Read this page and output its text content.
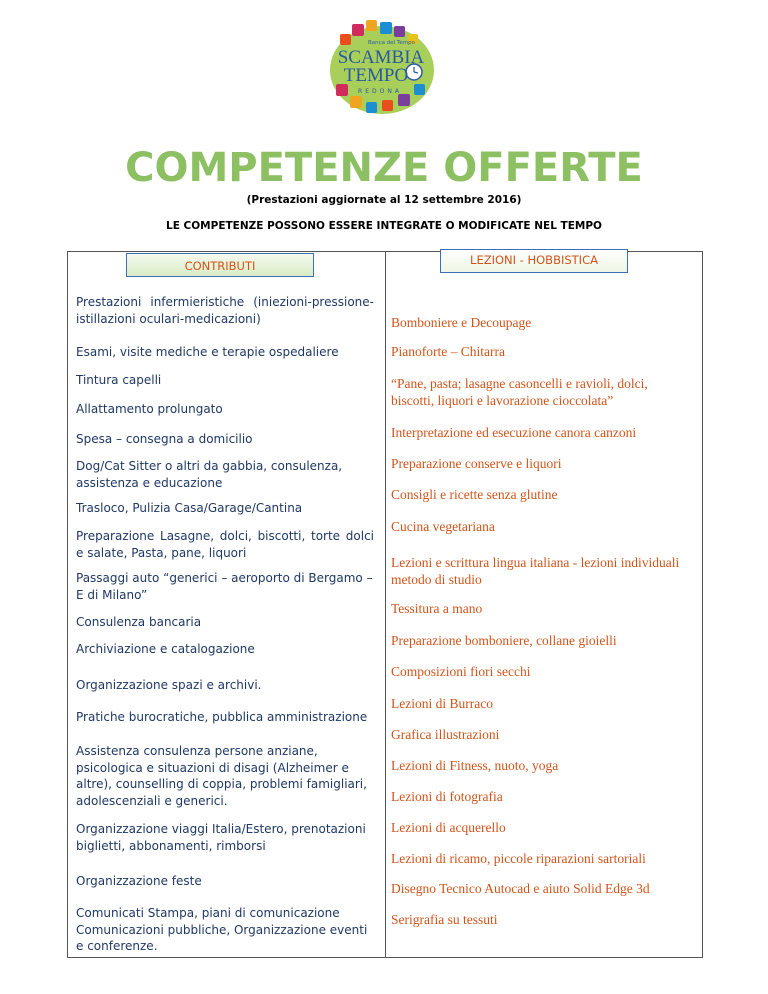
Banca del Tempo
SCAMBIA
TEMPO
REDONA
COMPETENZE OFFERTE
(Prestazioni aggiornate al 12 settembre 2016)
LE COMPETENZE POSSONO ESSERE INTEGRATE O MODIFICATE NEL TEMPO
CONTRIBUTI	LEZIONI - HOBBISTICA

Prestazioni infermieristiche (iniezioni-pressione-istillazioni oculari-medicazioni)

Esami, visite mediche e terapie ospedaliere

Tintura capelli

Allattamento prolungato

Spesa – consegna a domicilio

Dog/Cat Sitter o altri da gabbia, consulenza, assistenza e educazione

Trasloco, Pulizia Casa/Garage/Cantina

Preparazione Lasagne, dolci, biscotti, torte dolci e salate, Pasta, pane, liquori

Passaggi auto “generici – aeroporto di Bergamo – E di Milano”

Consulenza bancaria

Archiviazione e catalogazione

Organizzazione spazi e archivi.

Pratiche burocratiche, pubblica amministrazione

Assistenza consulenza persone anziane, psicologica e situazioni di disagi (Alzheimer e altre), counselling di coppia, problemi famigliari, adolescenziali e generici.

Organizzazione viaggi Italia/Estero, prenotazioni biglietti, abbonamenti, rimborsi

Organizzazione feste

Comunicati Stampa, piani di comunicazione Comunicazioni pubbliche, Organizzazione eventi e conferenze.

Bomboniere e Decoupage

Pianoforte – Chitarra

“Pane, pasta; lasagne casoncelli e ravioli, dolci, biscotti, liquori e lavorazione cioccolata”

Interpretazione ed esecuzione canora canzoni

Preparazione conserve e liquori

Consigli e ricette senza glutine

Cucina vegetariana

Lezioni e scrittura lingua italiana - lezioni individuali metodo di studio

Tessitura a mano

Preparazione bomboniere, collane gioielli

Composizioni fiori secchi

Lezioni di Burraco

Grafica illustrazioni

Lezioni di Fitness, nuoto, yoga

Lezioni di fotografia

Lezioni di acquerello

Lezioni di ricamo, piccole riparazioni sartoriali

Disegno Tecnico Autocad e aiuto Solid Edge 3d

Serigrafia su tessuti
